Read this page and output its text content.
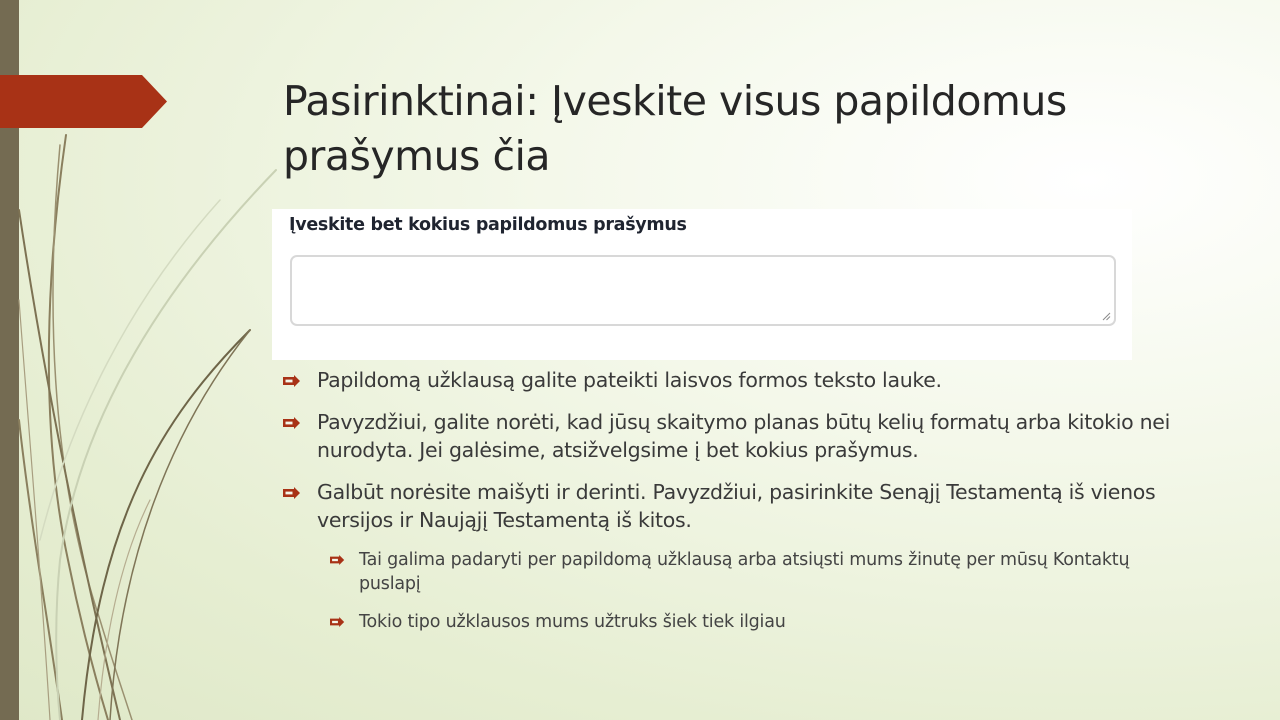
Pasirinktinai: Įveskite visus papildomus prašymus čia
Įveskite bet kokius papildomus prašymus
Papildomą užklausą galite pateikti laisvos formos teksto lauke.
Pavyzdžiui, galite norėti, kad jūsų skaitymo planas būtų kelių formatų arba kitokio nei nurodyta. Jei galėsime, atsižvelgsime į bet kokius prašymus.
Galbūt norėsite maišyti ir derinti. Pavyzdžiui, pasirinkite Senąjį Testamentą iš vienos versijos ir Naująjį Testamentą iš kitos.
Tai galima padaryti per papildomą užklausą arba atsiųsti mums žinutę per mūsų Kontaktų puslapį
Tokio tipo užklausos mums užtruks šiek tiek ilgiau
